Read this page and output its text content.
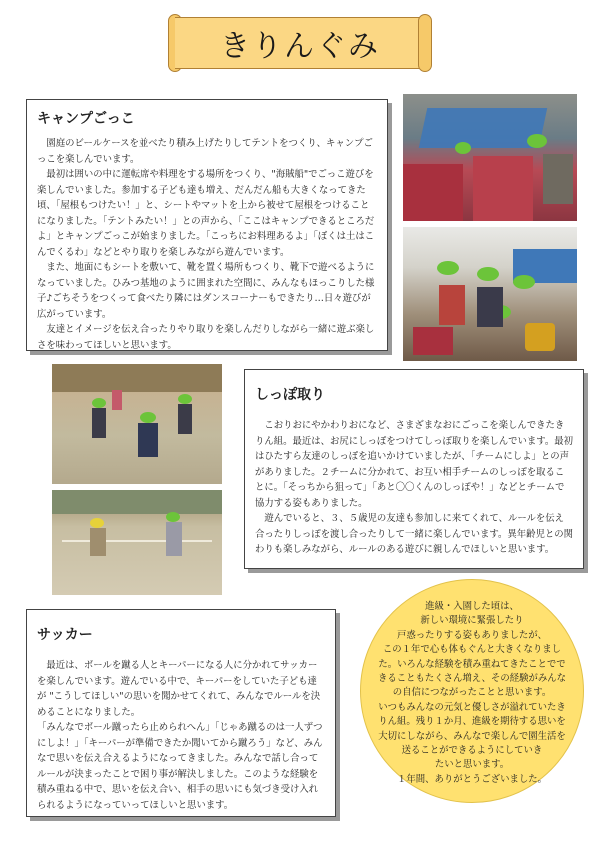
きりんぐみ
キャンプごっこ

園庭のビールケースを並べたり積み上げたりしてテントをつくり、キャンプごっこを楽しんでいます。

最初は囲いの中に運転席や料理をする場所をつくり、"海賊船"でごっこ遊びを楽しんでいました。参加する子ども達も増え、だんだん船も大きくなってきた頃、「屋根もつけたい！」と、シートやマットを上から被せて屋根をつけることになりました。「テントみたい！」との声から、「ここはキャンプできるところだよ」とキャンプごっこが始まりました。「こっちにお料理あるよ」「ぼくは土はこんでくるわ」などとやり取りを楽しみながら遊んでいます。

また、地面にもシートを敷いて、靴を置く場所もつくり、靴下で遊べるようになっていました。ひみつ基地のように囲まれた空間に、みんなもほっこりした様子♪ごちそうをつくって食べたり隣にはダンスコーナーもできたり…日々遊びが広がっています。

友達とイメージを伝え合ったりやり取りを楽しんだりしながら一緒に遊ぶ楽しさを味わってほしいと思います。

しっぽ取り

こおりおにやかわりおになど、さまざまなおにごっこを楽しんできたきりん組。最近は、お尻にしっぽをつけてしっぽ取りを楽しんでいます。最初はひたすら友達のしっぽを追いかけていましたが、「チームにしよ」との声がありました。２チームに分かれて、お互い相手チームのしっぽを取ることに。「そっちから狙って」「あと〇〇くんのしっぽや！」などとチームで協力する姿もありました。

遊んでいると、３、５歳児の友達も参加しに来てくれて、ルールを伝え合ったりしっぽを渡し合ったりして一緒に楽しんでいます。異年齢児との関わりも楽しみながら、ルールのある遊びに親しんでほしいと思います。

サッカー

最近は、ボールを蹴る人とキーパーになる人に分かれてサッカーを楽しんでいます。遊んでいる中で、キーパーをしていた子ども達が "こうしてほしい"の思いを聞かせてくれて、みんなでルールを決めることになりました。

「みんなでボール蹴ったら止められへん」「じゃあ蹴るのは一人ずつにしよ！」「キーパーが準備できたか聞いてから蹴ろう」など、みんなで思いを伝え合えるようになってきました。みんなで話し合ってルールが決まったことで困り事が解決しました。このような経験を積み重ねる中で、思いを伝え合い、相手の思いにも気づき受け入れられるようになっていってほしいと思います。

進級・入園した頃は、

新しい環境に緊張したり

戸惑ったりする姿もありましたが、

この１年で心も体もぐんと大きくなりました。いろんな経験を積み重ねてきたことでできることもたくさん増え、その経験がみんなの自信につながったことと思います。

いつもみんなの元気と優しさが溢れていたきりん組。残り１か月、進級を期待する思いを大切にしながら、みんなで楽しんで園生活を送ることができるようにしていき

たいと思います。

１年間、ありがとうございました。
